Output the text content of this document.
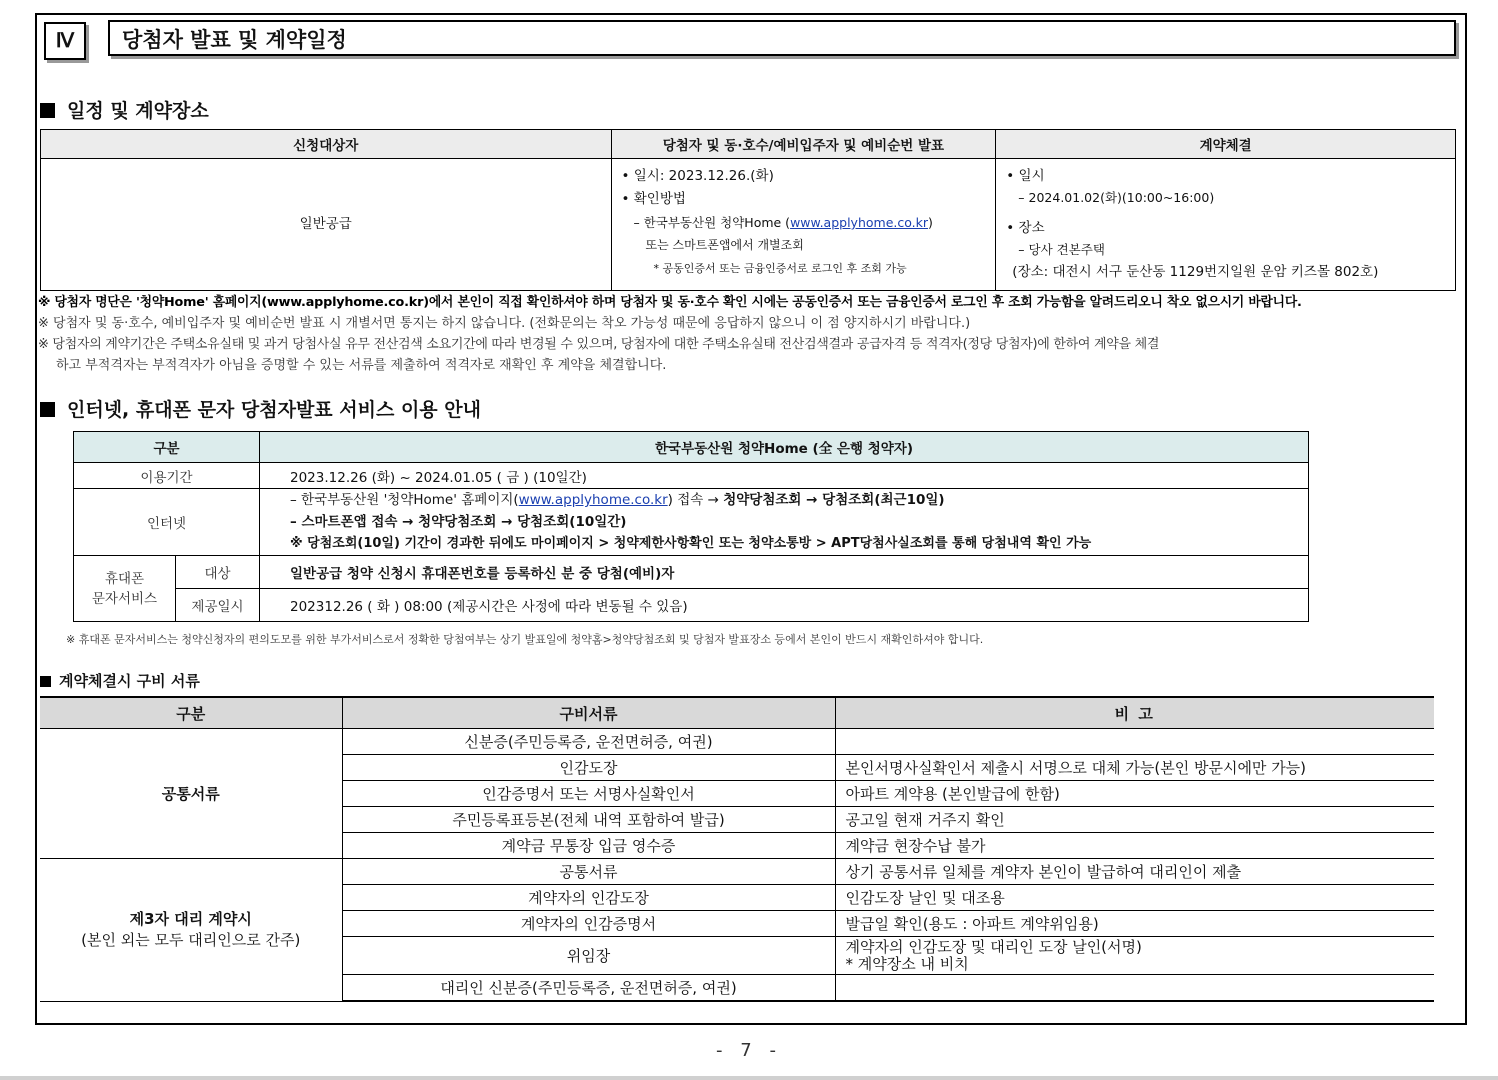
Ⅳ	당첨자 발표 및 계약일정
일정 및 계약장소
신청대상자	당첨자 및 동·호수/예비입주자 및 예비순번 발표	계약체결
일반공급	• 일시: 2023.12.26.(화)
• 확인방법
– 한국부동산원 청약Home (www.applyhome.co.kr)
또는 스마트폰앱에서 개별조회
* 공동인증서 또는 금융인증서로 로그인 후 조회 가능	• 일시
– 2024.01.02(화)(10:00~16:00)
• 장소
– 당사 견본주택
(장소: 대전시 서구 둔산동 1129번지일원 운암 키즈몰 802호)
※ 당첨자 명단은 '청약Home' 홈페이지(www.applyhome.co.kr)에서 본인이 직접 확인하셔야 하며 당첨자 및 동·호수 확인 시에는 공동인증서 또는 금융인증서 로그인 후 조회 가능함을 알려드리오니 착오 없으시기 바랍니다.
※ 당첨자 및 동·호수, 예비입주자 및 예비순번 발표 시 개별서면 통지는 하지 않습니다. (전화문의는 착오 가능성 때문에 응답하지 않으니 이 점 양지하시기 바랍니다.)
※ 당첨자의 계약기간은 주택소유실태 및 과거 당첨사실 유무 전산검색 소요기간에 따라 변경될 수 있으며, 당첨자에 대한 주택소유실태 전산검색결과 공급자격 등 적격자(정당 당첨자)에 한하여 계약을 체결
하고 부적격자는 부적격자가 아님을 증명할 수 있는 서류를 제출하여 적격자로 재확인 후 계약을 체결합니다.
인터넷, 휴대폰 문자 당첨자발표 서비스 이용 안내
구분		한국부동산원 청약Home (全 은행 청약자)
이용기간		2023.12.26 (화) ~ 2024.01.05 ( 금 ) (10일간)
인터넷		– 한국부동산원 '청약Home' 홈페이지(www.applyhome.co.kr) 접속 → 청약당첨조회 → 당첨조회(최근10일)
– 스마트폰앱 접속 → 청약당첨조회 → 당첨조회(10일간)
※ 당첨조회(10일) 기간이 경과한 뒤에도 마이페이지 > 청약제한사항확인 또는 청약소통방 > APT당첨사실조회를 통해 당첨내역 확인 가능

휴대폰
문자서비스	대상	일반공급 청약 신청시 휴대폰번호를 등록하신 분 중 당첨(예비)자
	제공일시	202312.26 ( 화 ) 08:00 (제공시간은 사정에 따라 변동될 수 있음)
※ 휴대폰 문자서비스는 청약신청자의 편의도모를 위한 부가서비스로서 정확한 당첨여부는 상기 발표일에 청약홈>청약당첨조회 및 당첨자 발표장소 등에서 본인이 반드시 재확인하셔야 합니다.
계약체결시 구비 서류
구분	구비서류	비 고
공통서류	신분증(주민등록증, 운전면허증, 여권)	
	인감도장	본인서명사실확인서 제출시 서명으로 대체 가능(본인 방문시에만 가능)
	인감증명서 또는 서명사실확인서	아파트 계약용 (본인발급에 한함)
	주민등록표등본(전체 내역 포함하여 발급)	공고일 현재 거주지 확인
	계약금 무통장 입금 영수증	계약금 현장수납 불가

제3자 대리 계약시
(본인 외는 모두 대리인으로 간주)	공통서류	상기 공통서류 일체를 계약자 본인이 발급하여 대리인이 제출
	계약자의 인감도장	인감도장 날인 및 대조용
	계약자의 인감증명서	발급일 확인(용도 : 아파트 계약위임용)
	위임장	계약자의 인감도장 및 대리인 도장 날인(서명)
* 계약장소 내 비치

	대리인 신분증(주민등록증, 운전면허증, 여권)	
- 7 -
